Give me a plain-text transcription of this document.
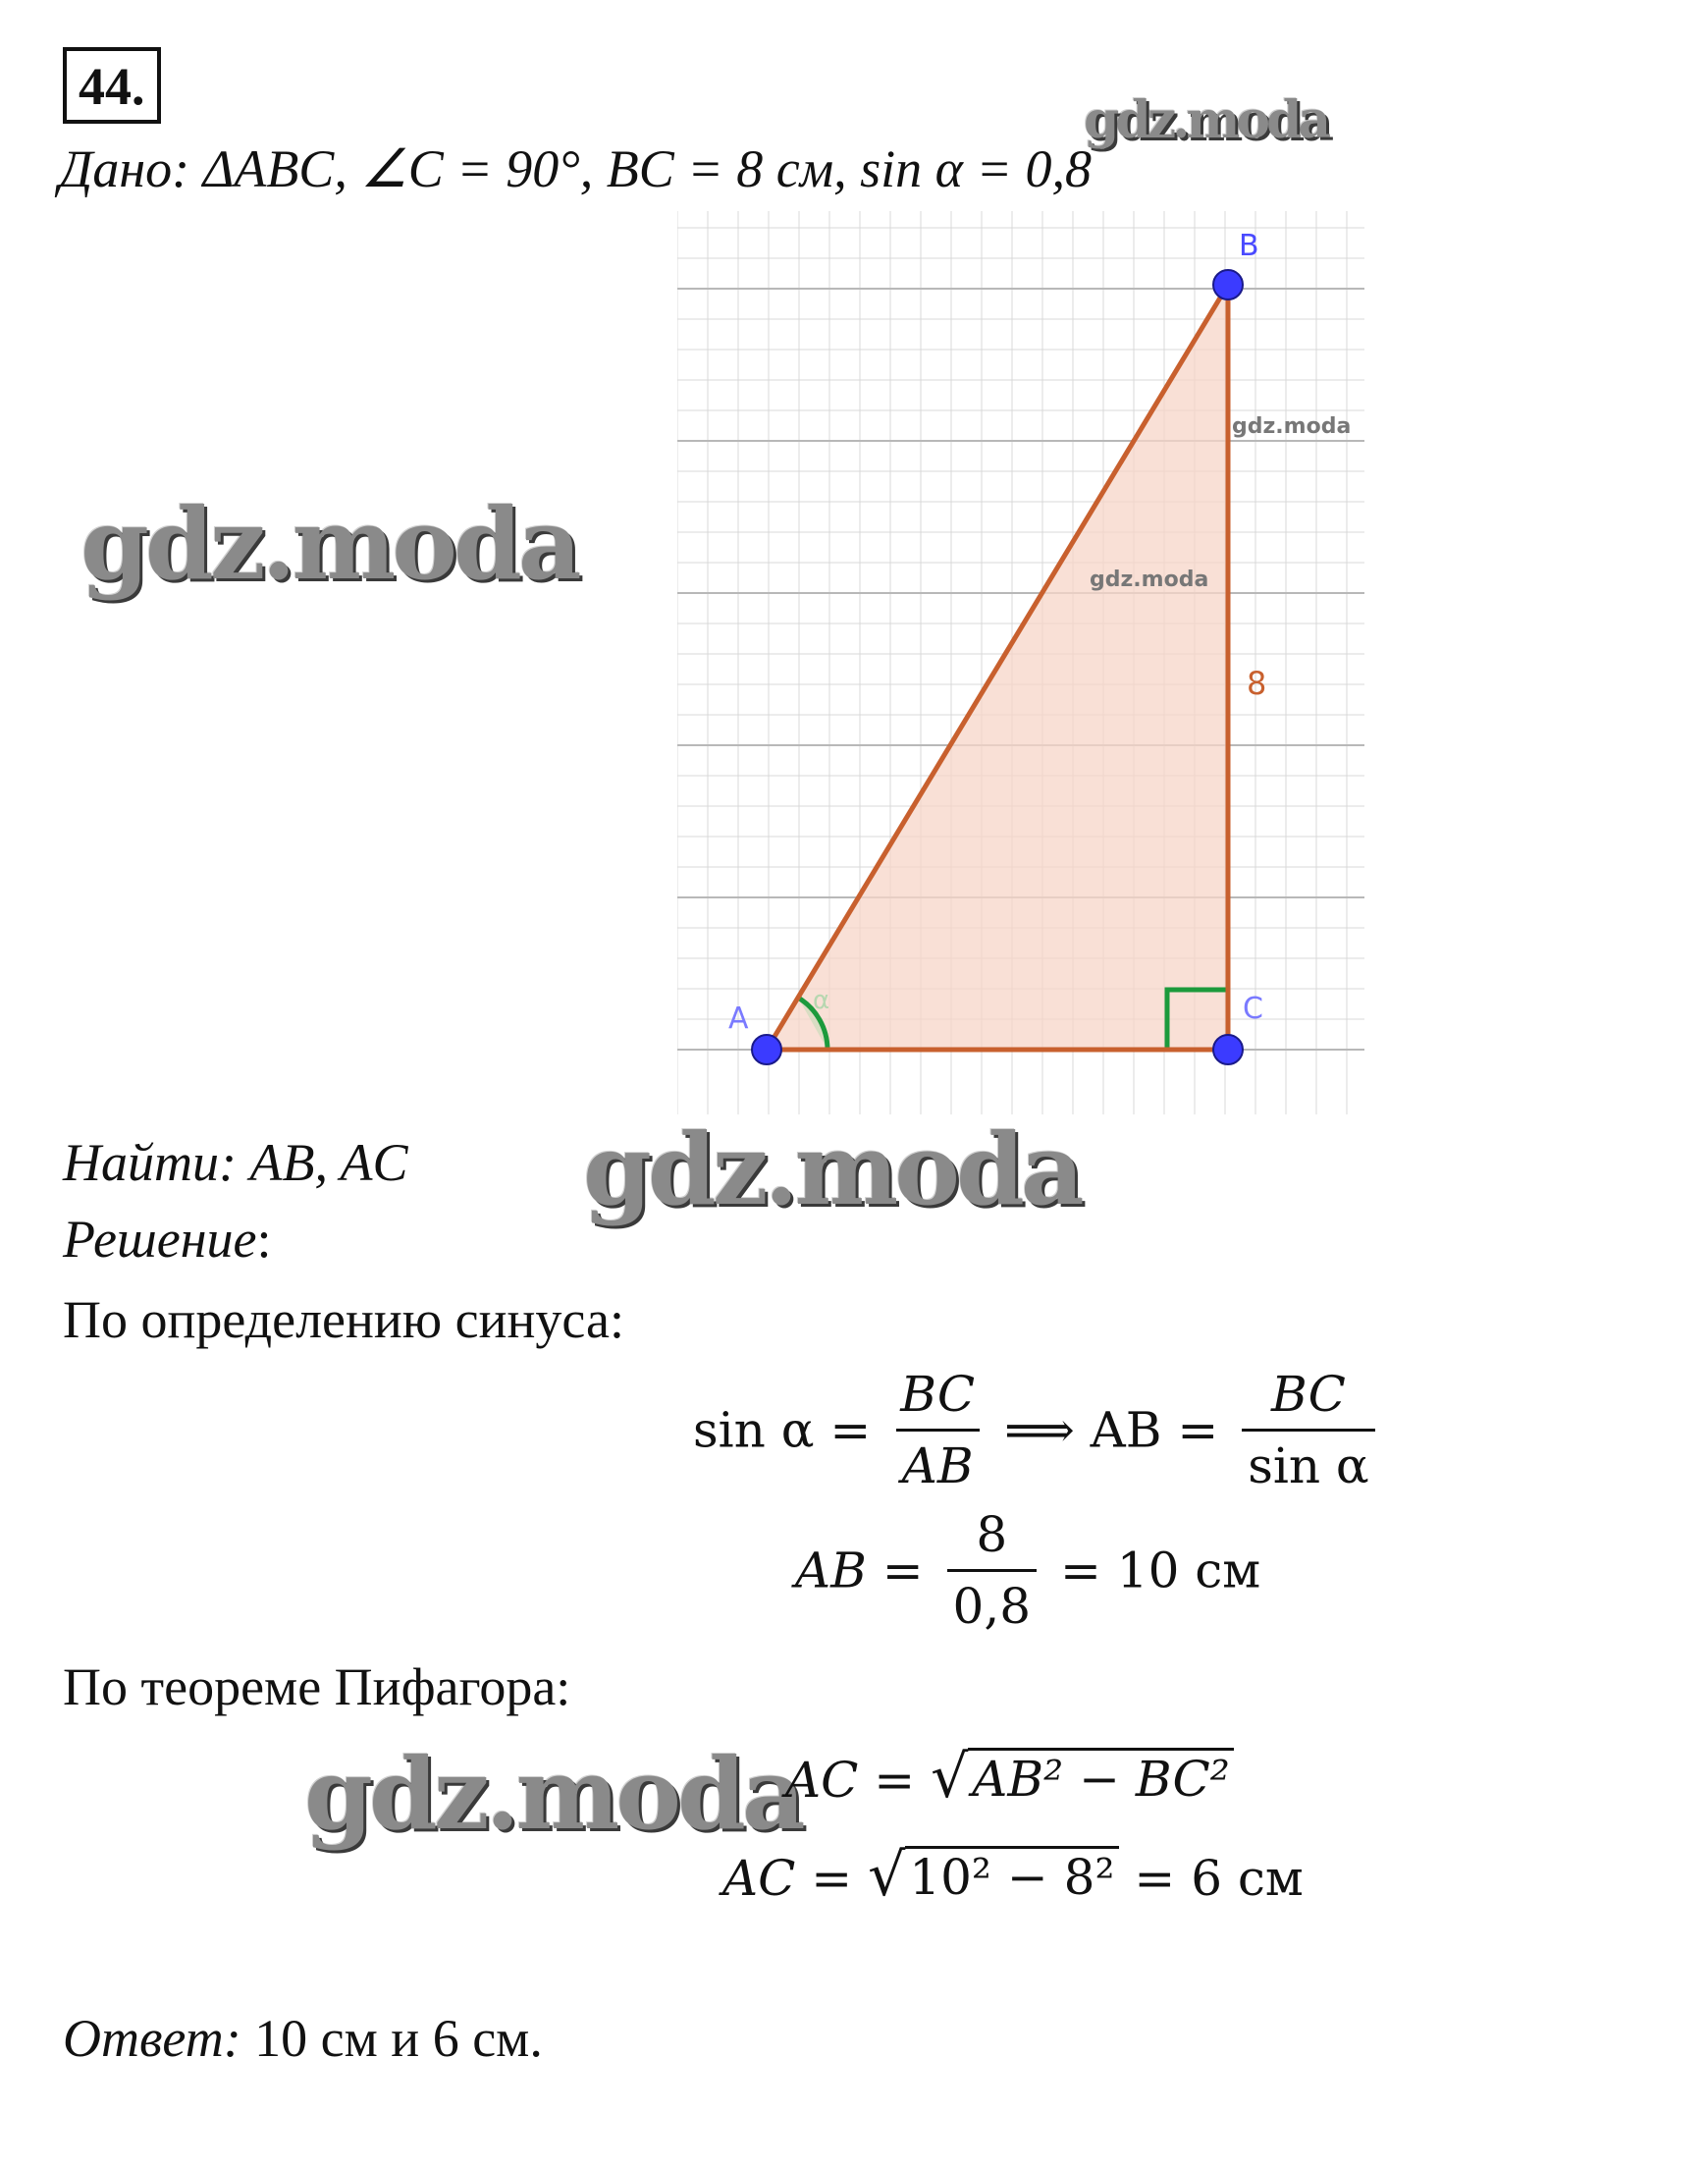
44.
Дано: ΔABC, ∠C = 90°, BC = 8 см, sin α = 0,8
gdz.moda
B
A	C
8
α
gdz.moda
gdz.moda
gdz.moda
Найти: AB, AC gdz.moda
Решение:
По определению синуса:
$\sin \alpha = \frac{BC}{AB}$ ⟹ AB = $\frac{BC}{\text{sin α}}$
AB = $\frac{8}{0,8} = 10$ см
По теореме Пифагора:
gdz.moda
AC = √ AB² − BC²
AC = √ 10² − 8² = 6 см
Ответ: 10 см и 6 см.
